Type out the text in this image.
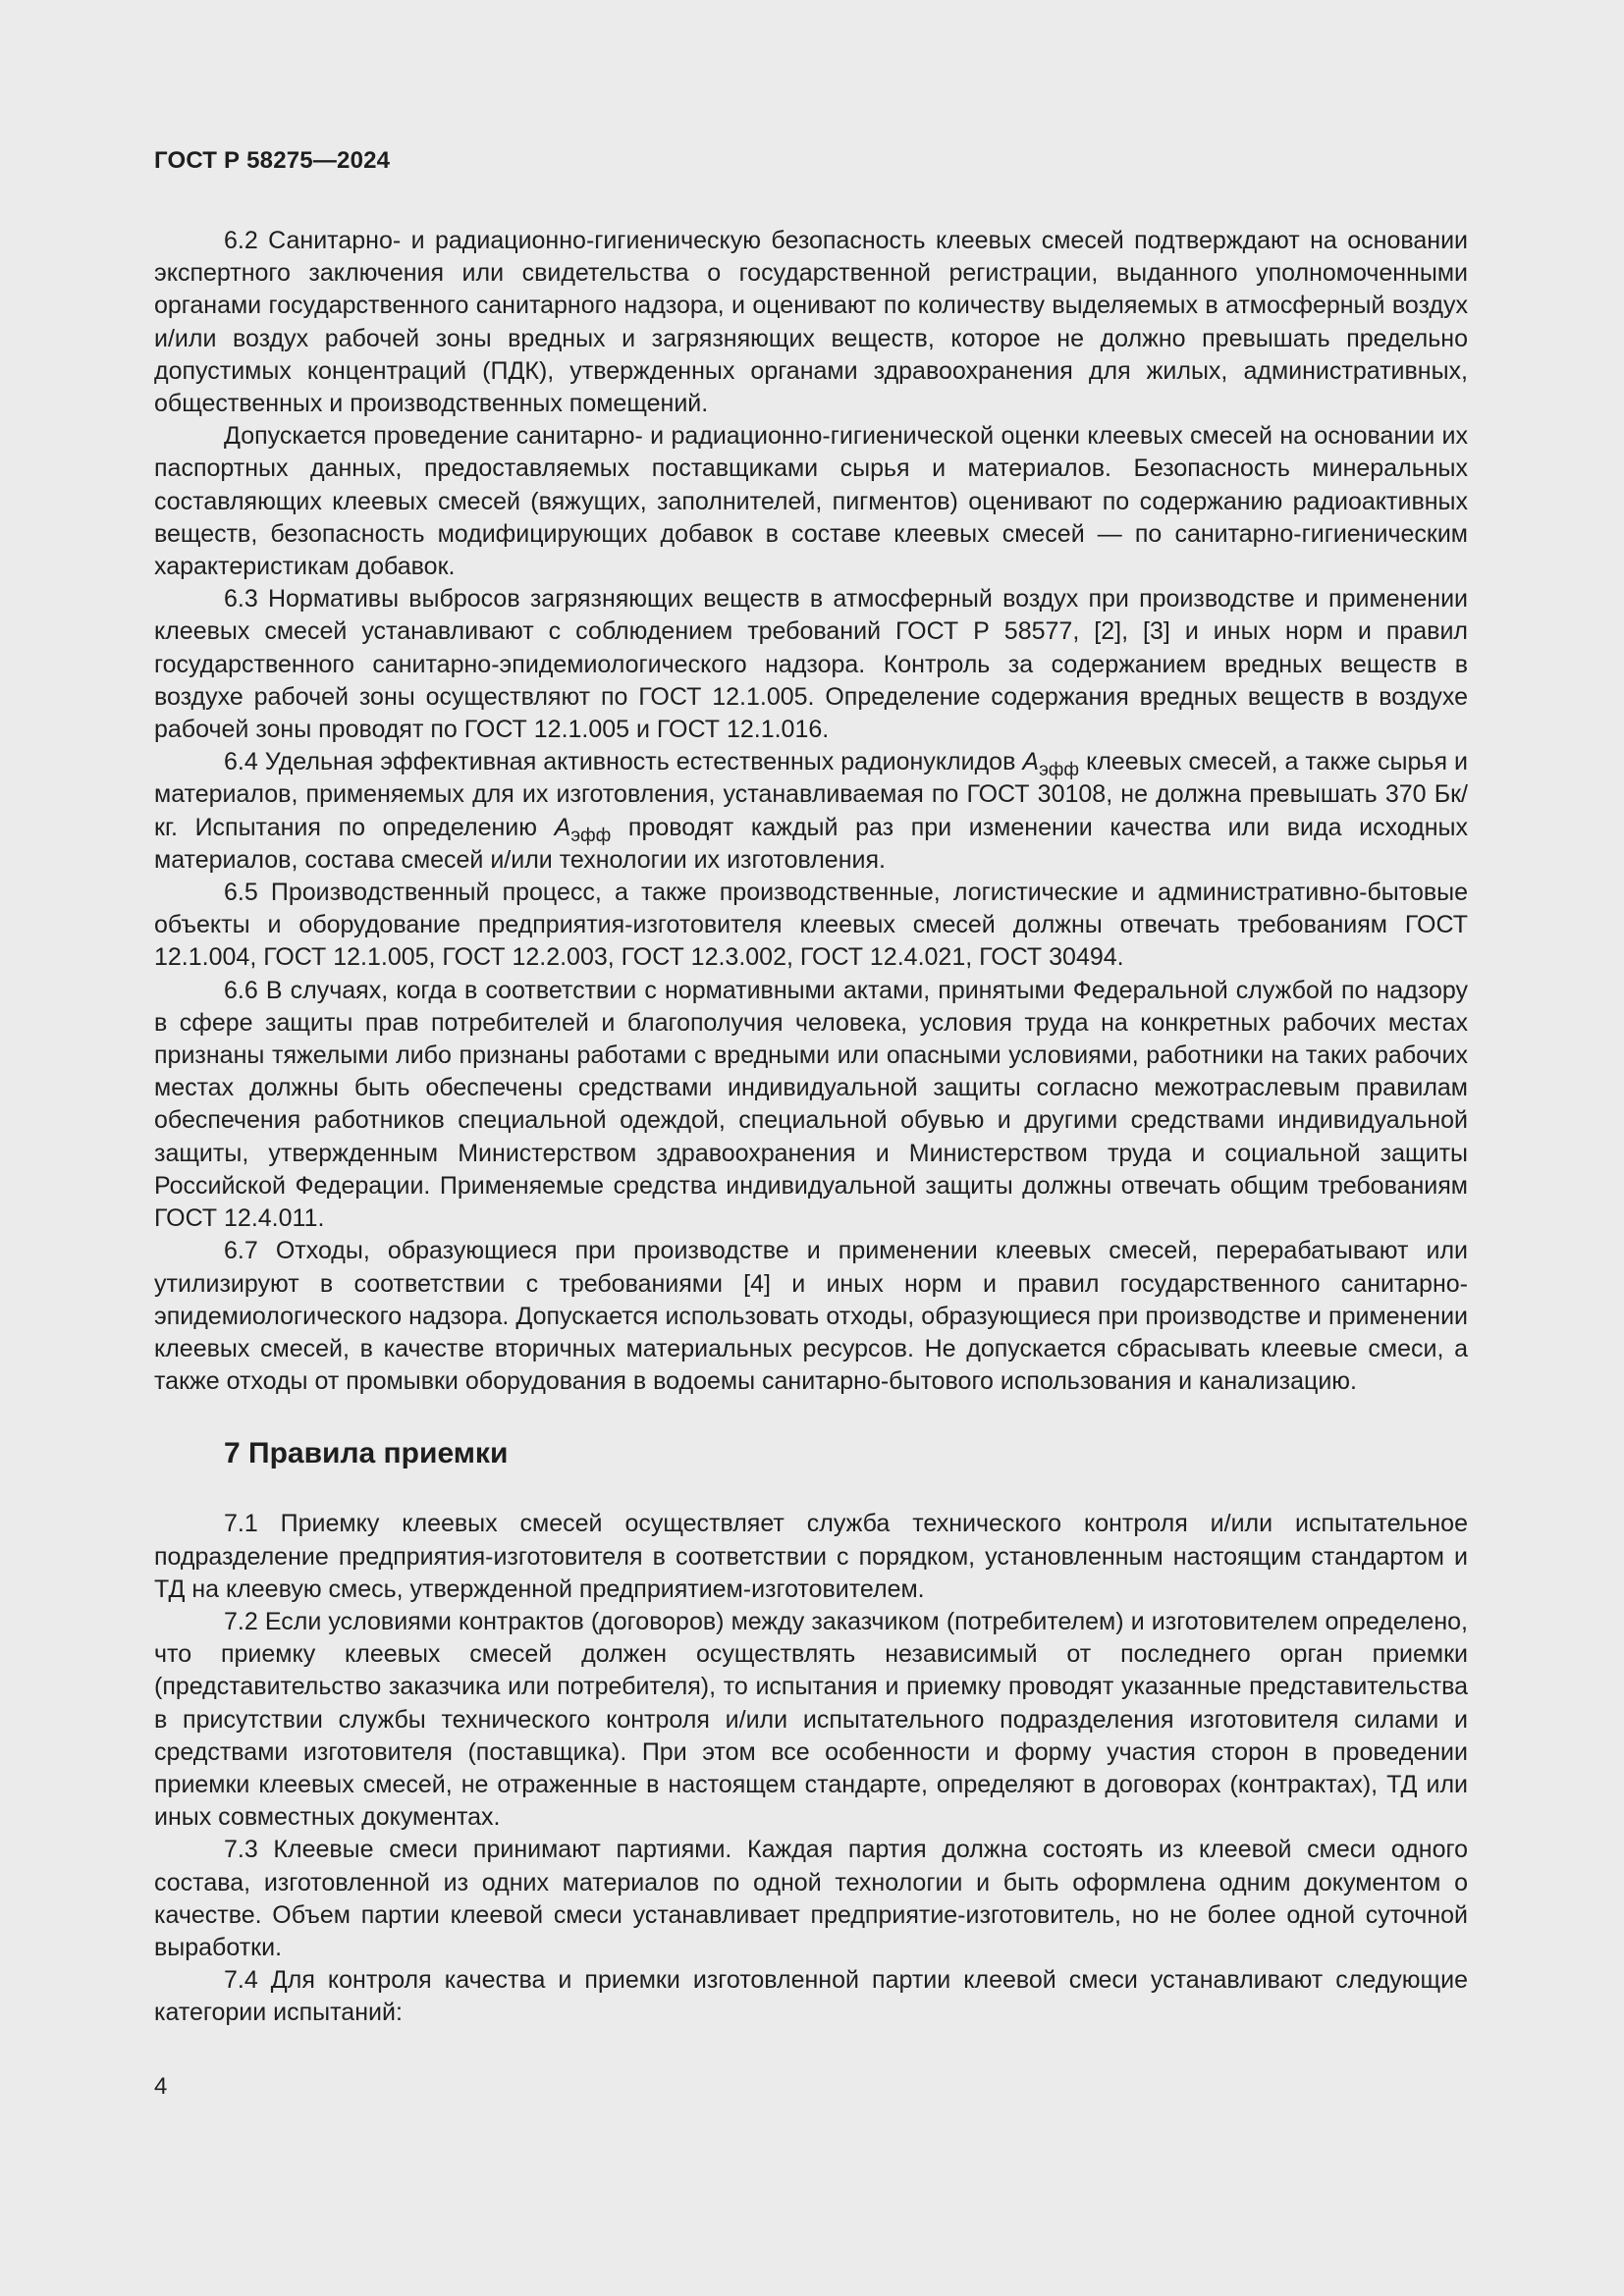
ГОСТ Р 58275—2024

6.2 Санитарно- и радиационно-гигиеническую безопасность клеевых смесей подтверждают на основании экспертного заключения или свидетельства о государственной регистрации, выданного уполномоченными органами государственного санитарного надзора, и оценивают по количеству выделяемых в атмосферный воздух и/или воздух рабочей зоны вредных и загрязняющих веществ, которое не должно превышать предельно допустимых концентраций (ПДК), утвержденных органами здравоохранения для жилых, административных, общественных и производственных помещений.

Допускается проведение санитарно- и радиационно-гигиенической оценки клеевых смесей на основании их паспортных данных, предоставляемых поставщиками сырья и материалов. Безопасность минеральных составляющих клеевых смесей (вяжущих, заполнителей, пигментов) оценивают по содержанию радиоактивных веществ, безопасность модифицирующих добавок в составе клеевых смесей — по санитарно-гигиеническим характеристикам добавок.

6.3 Нормативы выбросов загрязняющих веществ в атмосферный воздух при производстве и применении клеевых смесей устанавливают с соблюдением требований ГОСТ Р 58577, [2], [3] и иных норм и правил государственного санитарно-эпидемиологического надзора. Контроль за содержанием вредных веществ в воздухе рабочей зоны осуществляют по ГОСТ 12.1.005. Определение содержания вредных веществ в воздухе рабочей зоны проводят по ГОСТ 12.1.005 и ГОСТ 12.1.016.

6.4 Удельная эффективная активность естественных радионуклидов $A_{эфф}$ клеевых смесей, а также сырья и материалов, применяемых для их изготовления, устанавливаемая по ГОСТ 30108, не должна превышать 370 Бк/кг. Испытания по определению $A_{эфф}$ проводят каждый раз при изменении качества или вида исходных материалов, состава смесей и/или технологии их изготовления.

6.5 Производственный процесс, а также производственные, логистические и административно-бытовые объекты и оборудование предприятия-изготовителя клеевых смесей должны отвечать требованиям ГОСТ 12.1.004, ГОСТ 12.1.005, ГОСТ 12.2.003, ГОСТ 12.3.002, ГОСТ 12.4.021, ГОСТ 30494.

6.6 В случаях, когда в соответствии с нормативными актами, принятыми Федеральной службой по надзору в сфере защиты прав потребителей и благополучия человека, условия труда на конкретных рабочих местах признаны тяжелыми либо признаны работами с вредными или опасными условиями, работники на таких рабочих местах должны быть обеспечены средствами индивидуальной защиты согласно межотраслевым правилам обеспечения работников специальной одеждой, специальной обувью и другими средствами индивидуальной защиты, утвержденным Министерством здравоохранения и Министерством труда и социальной защиты Российской Федерации. Применяемые средства индивидуальной защиты должны отвечать общим требованиям ГОСТ 12.4.011.

6.7 Отходы, образующиеся при производстве и применении клеевых смесей, перерабатывают или утилизируют в соответствии с требованиями [4] и иных норм и правил государственного санитарно-эпидемиологического надзора. Допускается использовать отходы, образующиеся при производстве и применении клеевых смесей, в качестве вторичных материальных ресурсов. Не допускается сбрасывать клеевые смеси, а также отходы от промывки оборудования в водоемы санитарно-бытового использования и канализацию.

7 Правила приемки

7.1 Приемку клеевых смесей осуществляет служба технического контроля и/или испытательное подразделение предприятия-изготовителя в соответствии с порядком, установленным настоящим стандартом и ТД на клеевую смесь, утвержденной предприятием-изготовителем.

7.2 Если условиями контрактов (договоров) между заказчиком (потребителем) и изготовителем определено, что приемку клеевых смесей должен осуществлять независимый от последнего орган приемки (представительство заказчика или потребителя), то испытания и приемку проводят указанные представительства в присутствии службы технического контроля и/или испытательного подразделения изготовителя силами и средствами изготовителя (поставщика). При этом все особенности и форму участия сторон в проведении приемки клеевых смесей, не отраженные в настоящем стандарте, определяют в договорах (контрактах), ТД или иных совместных документах.

7.3 Клеевые смеси принимают партиями. Каждая партия должна состоять из клеевой смеси одного состава, изготовленной из одних материалов по одной технологии и быть оформлена одним документом о качестве. Объем партии клеевой смеси устанавливает предприятие-изготовитель, но не более одной суточной выработки.

7.4 Для контроля качества и приемки изготовленной партии клеевой смеси устанавливают следующие категории испытаний:

4
